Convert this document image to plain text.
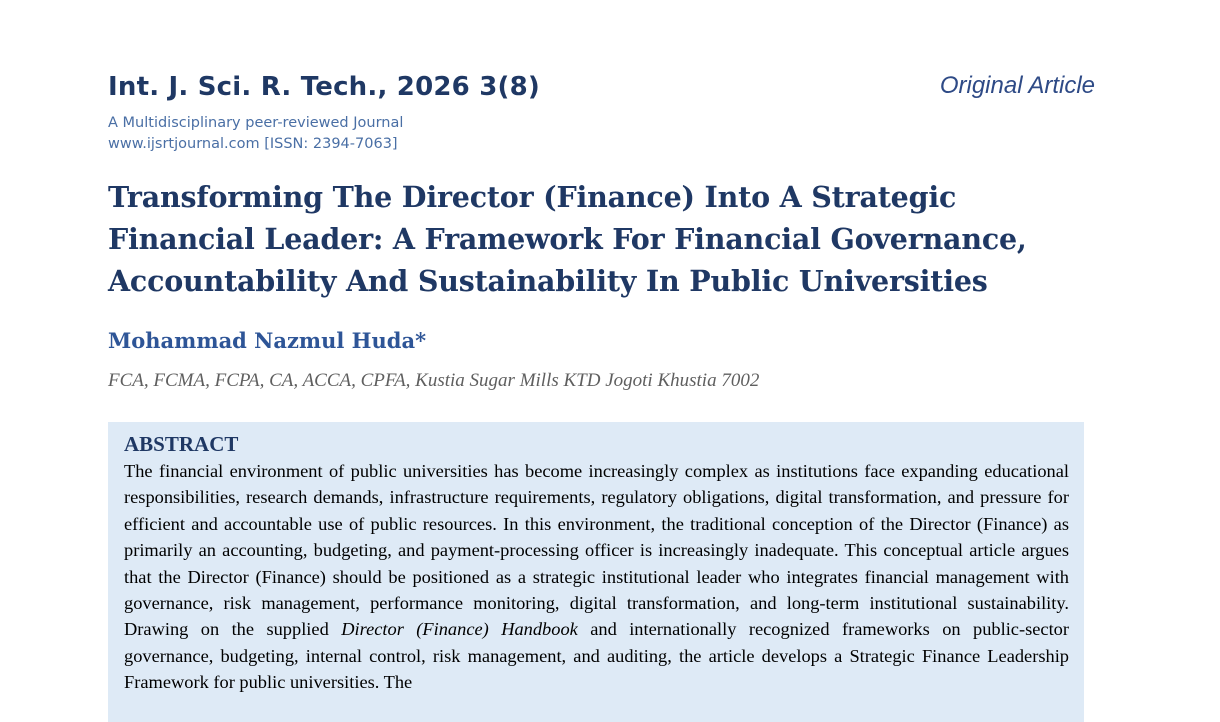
Int. J. Sci. R. Tech., 2026 3(8)
A Multidisciplinary peer-reviewed Journal
www.ijsrtjournal.com [ISSN: 2394-7063]
Original Article
Transforming The Director (Finance) Into A Strategic Financial Leader: A Framework For Financial Governance, Accountability And Sustainability In Public Universities
Mohammad Nazmul Huda*
FCA, FCMA, FCPA, CA, ACCA, CPFA, Kustia Sugar Mills KTD Jogoti Khustia 7002
ABSTRACT

The financial environment of public universities has become increasingly complex as institutions face expanding educational responsibilities, research demands, infrastructure requirements, regulatory obligations, digital transformation, and pressure for efficient and accountable use of public resources. In this environment, the traditional conception of the Director (Finance) as primarily an accounting, budgeting, and payment-processing officer is increasingly inadequate. This conceptual article argues that the Director (Finance) should be positioned as a strategic institutional leader who integrates financial management with governance, risk management, performance monitoring, digital transformation, and long-term institutional sustainability. Drawing on the supplied Director (Finance) Handbook and internationally recognized frameworks on public-sector governance, budgeting, internal control, risk management, and auditing, the article develops a Strategic Finance Leadership Framework for public universities. The
